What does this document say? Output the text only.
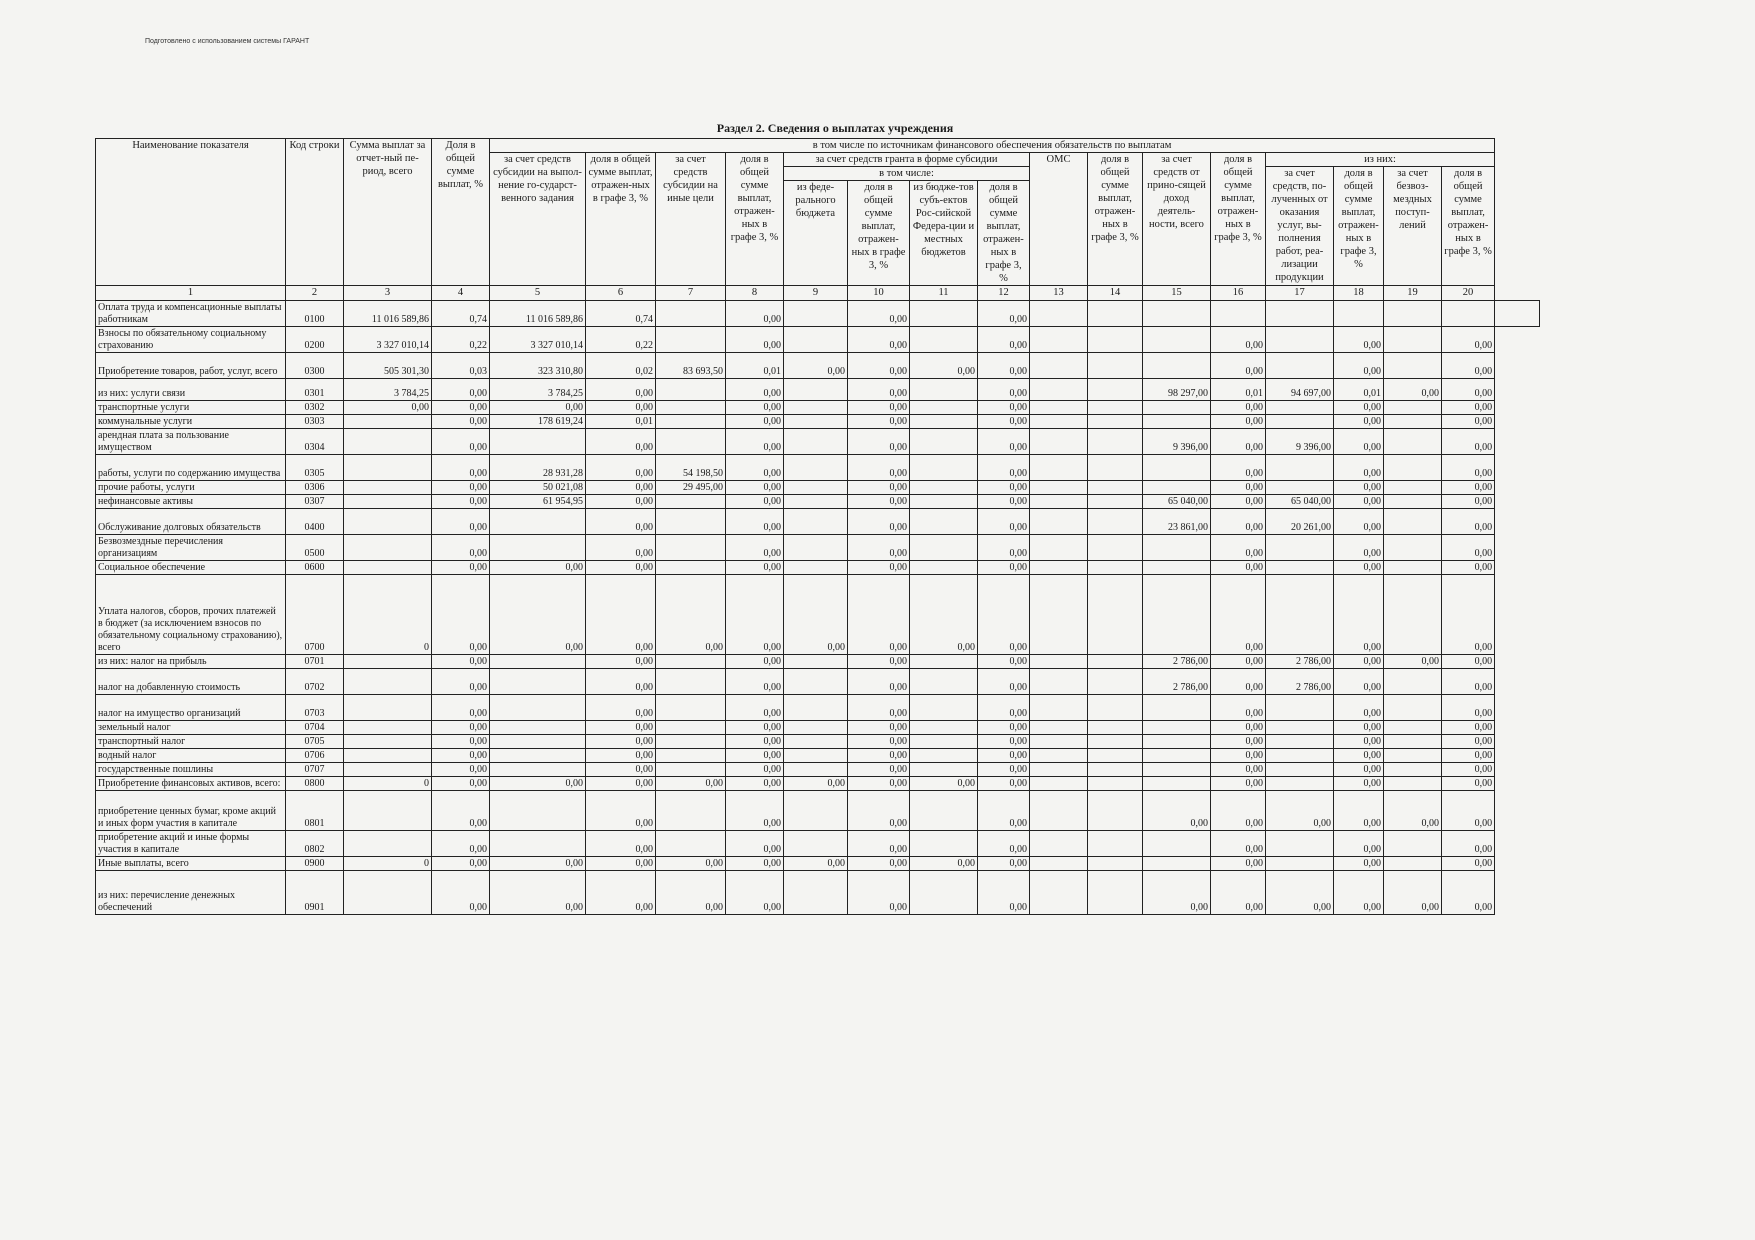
Подготовлено с использованием системы ГАРАНТ
Раздел 2. Сведения о выплатах учреждения
Наименование показателя	Код строки	Сумма выплат за отчет-ный пе-риод, всего	Доля в общей сумме выплат, %	в том числе по источникам финансового обеспечения обязательств по выплатам																
				за счет средств субсидии на выпол-нение го-сударст-венного задания	доля в общей сумме выплат, отражен-ных в графе 3, %	за счет средств субсидии на иные цели	доля в общей сумме выплат, отражен-ных в графе 3, %	за счет средств гранта в форме субсидии				ОМС	доля в общей сумме выплат, отражен-ных в графе 3, %	за счет средств от прино-сящей доход деятель-ности, всего	доля в общей сумме выплат, отражен-ных в графе 3, %	из них:				
								в том числе:								за счет средств, по-лученных от оказания услуг, вы-полнения работ, реа-лизации продукции	доля в общей сумме выплат, отражен-ных в графе 3, %	за счет безвоз-мездных поступ-лений	доля в общей сумме выплат, отражен-ных в графе 3, %	
								из феде-рального бюджета	доля в общей сумме выплат, отражен-ных в графе 3, %	из бюдже-тов субъ-ектов Рос-сийской Федера-ции и местных бюджетов	доля в общей сумме выплат, отражен-ных в графе 3, %									
1	2	3	4	5	6	7	8	9	10	11	12	13	14	15	16	17	18	19	20	
Оплата труда и компенсационные выплаты работникам	0100	11 016 589,86	0,74	11 016 589,86	0,74		0,00		0,00		0,00									
Взносы по обязательному социальному страхованию	0200	3 327 010,14	0,22	3 327 010,14	0,22		0,00		0,00		0,00				0,00		0,00		0,00	
Приобретение товаров, работ, услуг, всего	0300	505 301,30	0,03	323 310,80	0,02	83 693,50	0,01	0,00	0,00	0,00	0,00				0,00		0,00		0,00	
из них: услуги связи	0301	3 784,25	0,00	3 784,25	0,00		0,00		0,00		0,00			98 297,00	0,01	94 697,00	0,01	0,00	0,00	
транспортные услуги	0302	0,00	0,00	0,00	0,00		0,00		0,00		0,00				0,00		0,00		0,00	
коммунальные услуги	0303		0,00	178 619,24	0,01		0,00		0,00		0,00				0,00		0,00		0,00	
арендная плата за пользование имуществом	0304		0,00		0,00		0,00		0,00		0,00			9 396,00	0,00	9 396,00	0,00		0,00	
работы, услуги по содержанию имущества	0305		0,00	28 931,28	0,00	54 198,50	0,00		0,00		0,00				0,00		0,00		0,00	
прочие работы, услуги	0306		0,00	50 021,08	0,00	29 495,00	0,00		0,00		0,00				0,00		0,00		0,00	
нефинансовые активы	0307		0,00	61 954,95	0,00		0,00		0,00		0,00			65 040,00	0,00	65 040,00	0,00		0,00	
Обслуживание долговых обязательств	0400		0,00		0,00		0,00		0,00		0,00			23 861,00	0,00	20 261,00	0,00		0,00	
Безвозмездные перечисления организациям	0500		0,00		0,00		0,00		0,00		0,00				0,00		0,00		0,00	
Социальное обеспечение	0600		0,00	0,00	0,00		0,00		0,00		0,00				0,00		0,00		0,00	
Уплата налогов, сборов, прочих платежей в бюджет (за исключением взносов по обязательному социальному страхованию), всего	0700	0	0,00	0,00	0,00	0,00	0,00	0,00	0,00	0,00	0,00				0,00		0,00		0,00	
из них: налог на прибыль	0701		0,00		0,00		0,00		0,00		0,00			2 786,00	0,00	2 786,00	0,00	0,00	0,00	
налог на добавленную стоимость	0702		0,00		0,00		0,00		0,00		0,00			2 786,00	0,00	2 786,00	0,00		0,00	
налог на имущество организаций	0703		0,00		0,00		0,00		0,00		0,00				0,00		0,00		0,00	
земельный налог	0704		0,00		0,00		0,00		0,00		0,00				0,00		0,00		0,00	
транспортный налог	0705		0,00		0,00		0,00		0,00		0,00				0,00		0,00		0,00	
водный налог	0706		0,00		0,00		0,00		0,00		0,00				0,00		0,00		0,00	
государственные пошлины	0707		0,00		0,00		0,00		0,00		0,00				0,00		0,00		0,00	
Приобретение финансовых активов, всего:	0800	0	0,00	0,00	0,00	0,00	0,00	0,00	0,00	0,00	0,00				0,00		0,00		0,00	
приобретение ценных бумаг, кроме акций и иных форм участия в капитале	0801		0,00		0,00		0,00		0,00		0,00			0,00	0,00	0,00	0,00	0,00	0,00	
приобретение акций и иные формы участия в капитале	0802		0,00		0,00		0,00		0,00		0,00				0,00		0,00		0,00	
Иные выплаты, всего	0900	0	0,00	0,00	0,00	0,00	0,00	0,00	0,00	0,00	0,00				0,00		0,00		0,00	
из них: перечисление денежных обеспечений	0901		0,00	0,00	0,00	0,00	0,00		0,00		0,00			0,00	0,00	0,00	0,00	0,00	0,00	
